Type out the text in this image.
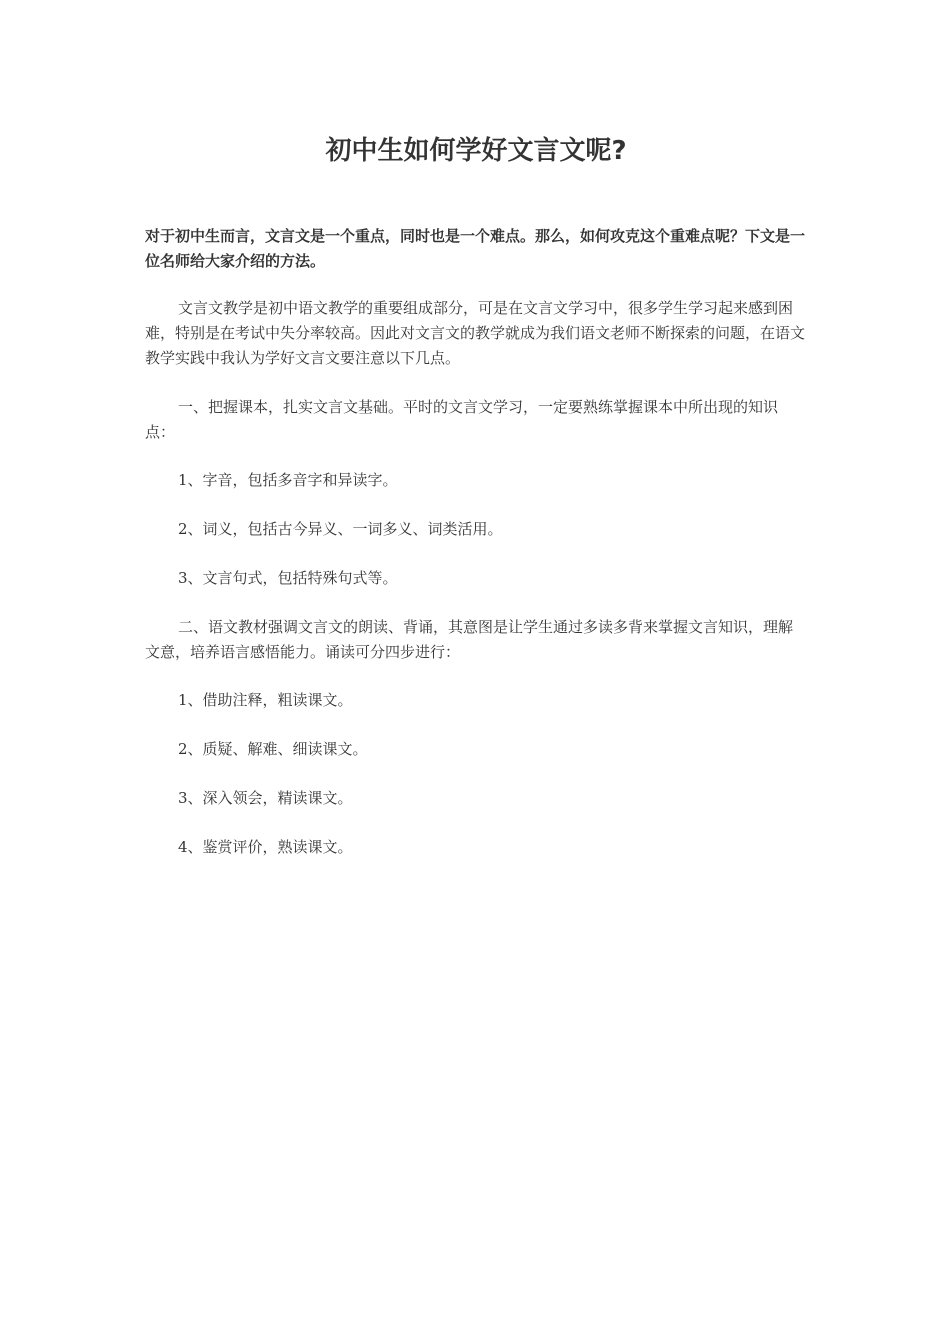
初中生如何学好文言文呢?

对于初中生而言，文言文是一个重点，同时也是一个难点。那么，如何攻克这个重难点呢？下文是一位名师给大家介绍的方法。

文言文教学是初中语文教学的重要组成部分，可是在文言文学习中，很多学生学习起来感到困难，特别是在考试中失分率较高。因此对文言文的教学就成为我们语文老师不断探索的问题，在语文教学实践中我认为学好文言文要注意以下几点。

一、把握课本，扎实文言文基础。平时的文言文学习，一定要熟练掌握课本中所出现的知识点：

1、字音，包括多音字和异读字。

2、词义，包括古今异义、一词多义、词类活用。

3、文言句式，包括特殊句式等。

二、语文教材强调文言文的朗读、背诵，其意图是让学生通过多读多背来掌握文言知识，理解文意，培养语言感悟能力。诵读可分四步进行：

1、借助注释，粗读课文。

2、质疑、解难、细读课文。

3、深入领会，精读课文。

4、鉴赏评价，熟读课文。
